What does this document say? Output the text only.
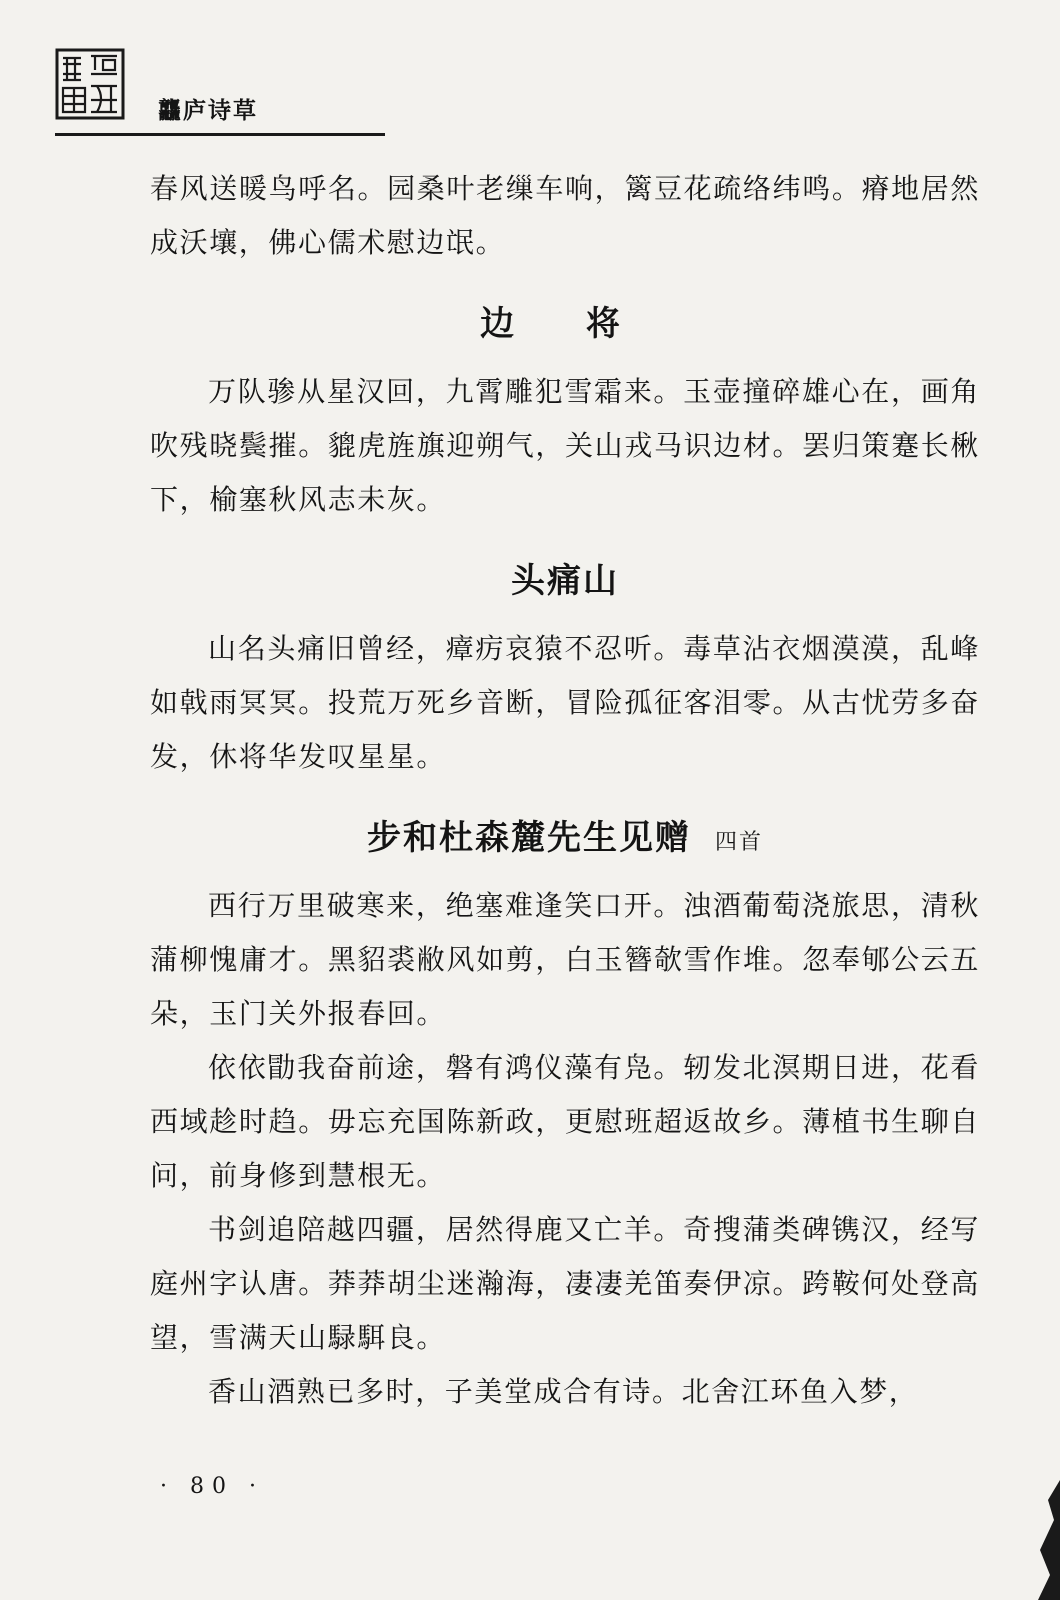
龘庐诗草

春风送暖鸟呼名。园桑叶老缫车响，篱豆花疏络纬鸣。瘠地居然成沃壤，佛心儒术慰边氓。

边 将

万队骖从星汉回，九霄雕犯雪霜来。玉壶撞碎雄心在，画角吹残晓鬓摧。貔虎旌旗迎朔气，关山戎马识边材。罢归策蹇长楸下，榆塞秋风志未灰。

头痛山

山名头痛旧曾经，瘴疠哀猿不忍听。毒草沾衣烟漠漠，乱峰如戟雨冥冥。投荒万死乡音断，冒险孤征客泪零。从古忧劳多奋发，休将华发叹星星。

步和杜森麓先生见赠 四首

西行万里破寒来，绝塞难逢笑口开。浊酒葡萄浇旅思，清秋蒲柳愧庸才。黑貂裘敝风如剪，白玉簪欹雪作堆。忽奉郇公云五朵，玉门关外报春回。

依依勖我奋前途，磐有鸿仪藻有凫。轫发北溟期日进，花看西域趁时趋。毋忘充国陈新政，更慰班超返故乡。薄植书生聊自问，前身修到慧根无。

书剑追陪越四疆，居然得鹿又亡羊。奇搜蒲类碑镌汉，经写庭州字认唐。莽莽胡尘迷瀚海，凄凄羌笛奏伊凉。跨鞍何处登高望，雪满天山騄駬良。

香山酒熟已多时，子美堂成合有诗。北舍江环鱼入梦，

· 80 ·
